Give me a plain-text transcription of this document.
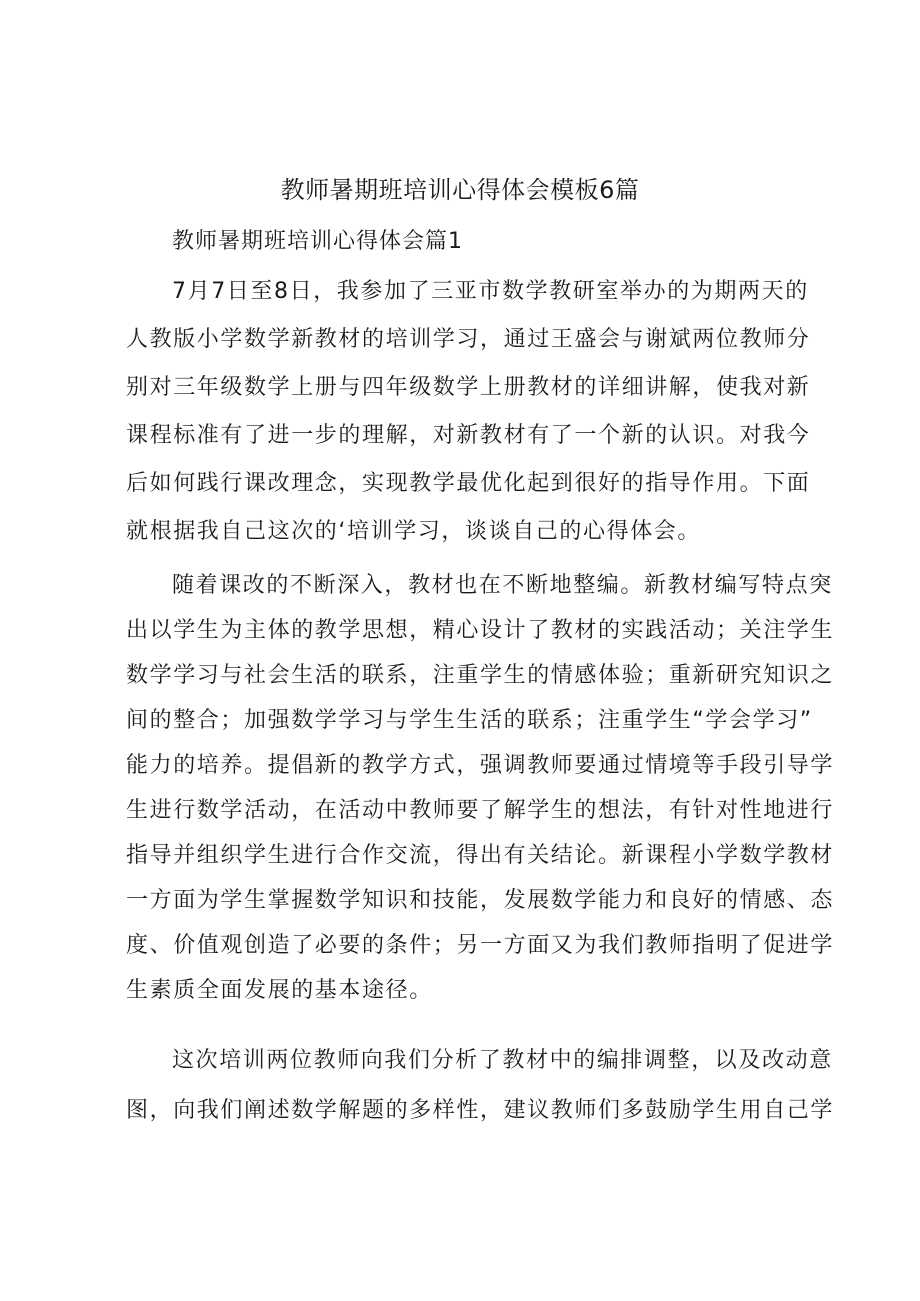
教师暑期班培训心得体会模板6篇
教师暑期班培训心得体会篇1
7月7日至8日，我参加了三亚市数学教研室举办的为期两天的
人教版小学数学新教材的培训学习，通过王盛会与谢斌两位教师分
别对三年级数学上册与四年级数学上册教材的详细讲解，使我对新
课程标准有了进一步的理解，对新教材有了一个新的认识。对我今
后如何践行课改理念，实现教学最优化起到很好的指导作用。下面
就根据我自己这次的‘培训学习，谈谈自己的心得体会。
随着课改的不断深入，教材也在不断地整编。新教材编写特点突
出以学生为主体的教学思想，精心设计了教材的实践活动；关注学生
数学学习与社会生活的联系，注重学生的情感体验；重新研究知识之
间的整合；加强数学学习与学生生活的联系；注重学生“学会学习”
能力的培养。提倡新的教学方式，强调教师要通过情境等手段引导学
生进行数学活动，在活动中教师要了解学生的想法，有针对性地进行
指导并组织学生进行合作交流，得出有关结论。新课程小学数学教材
一方面为学生掌握数学知识和技能，发展数学能力和良好的情感、态
度、价值观创造了必要的条件；另一方面又为我们教师指明了促进学
生素质全面发展的基本途径。
这次培训两位教师向我们分析了教材中的编排调整，以及改动意
图，向我们阐述数学解题的多样性，建议教师们多鼓励学生用自己学
